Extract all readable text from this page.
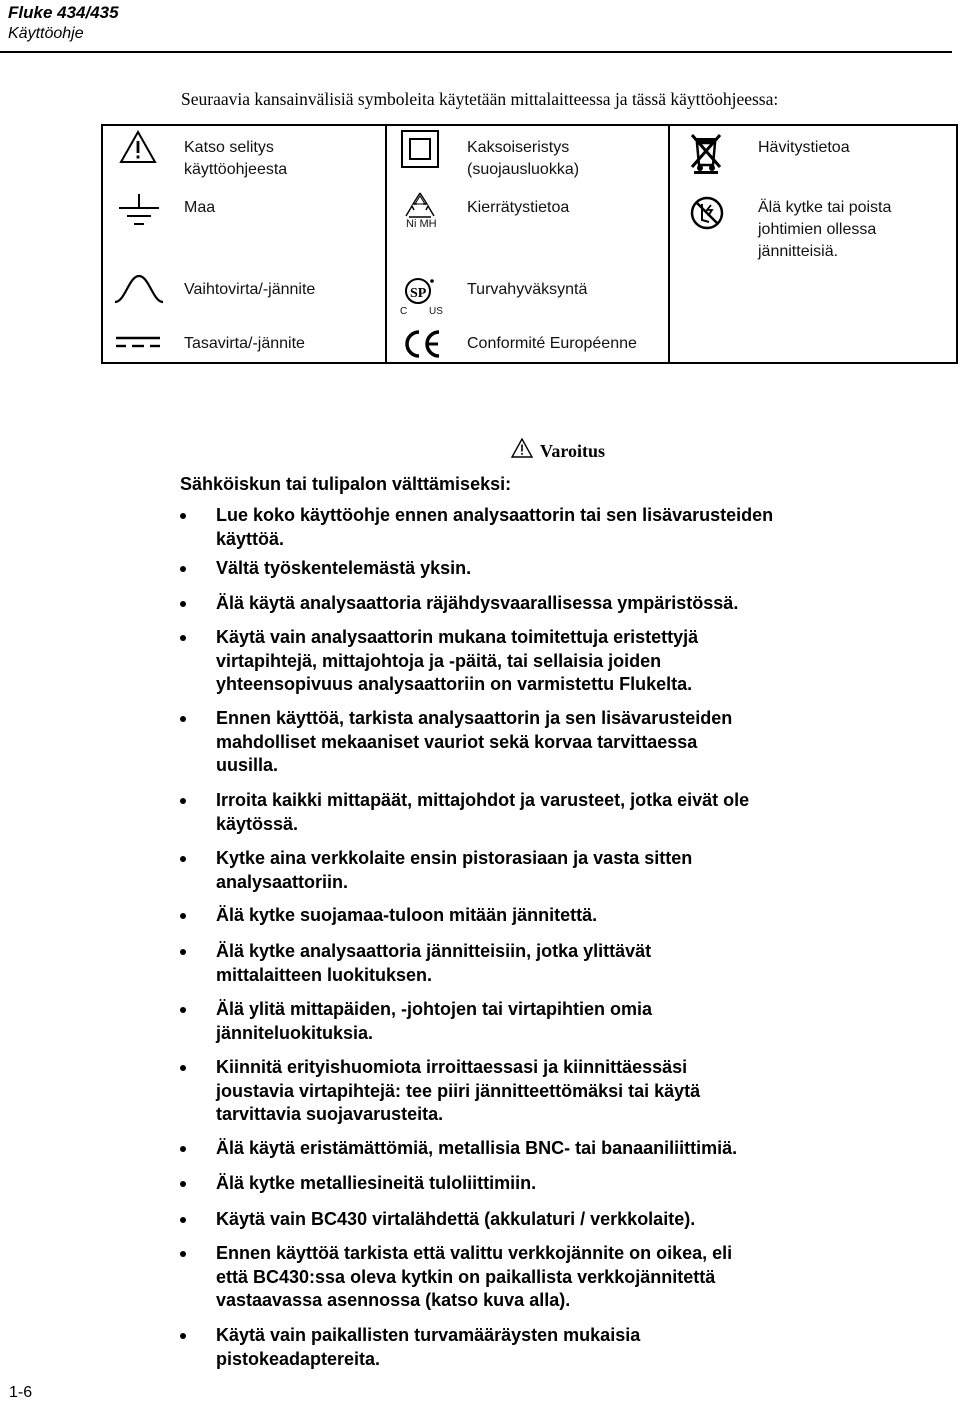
Fluke 434/435
Käyttöohje
Seuraavia kansainvälisiä symboleita käytetään mittalaitteessa ja tässä käyttöohjeessa:
Katso selitys
käyttöohjeesta
Maa
Vaihtovirta/-jännite
Tasavirta/-jännite
Kaksoiseristys
(suojausluokka)
Ni MH
Kierrätystietoa
SP
C US
Turvahyväksyntä
Conformité Européenne
Hävitystietoa
Älä kytke tai poista
johtimien ollessa
jännitteisiä.
Varoitus
Sähköiskun tai tulipalon välttämiseksi:
Lue koko käyttöohje ennen analysaattorin tai sen lisävarusteiden
käyttöä.
Vältä työskentelemästä yksin.
Älä käytä analysaattoria räjähdysvaarallisessa ympäristössä.
Käytä vain analysaattorin mukana toimitettuja eristettyjä
virtapihtejä, mittajohtoja ja -päitä, tai sellaisia joiden
yhteensopivuus analysaattoriin on varmistettu Flukelta.
Ennen käyttöä, tarkista analysaattorin ja sen lisävarusteiden
mahdolliset mekaaniset vauriot sekä korvaa tarvittaessa
uusilla.
Irroita kaikki mittapäät, mittajohdot ja varusteet, jotka eivät ole
käytössä.
Kytke aina verkkolaite ensin pistorasiaan ja vasta sitten
analysaattoriin.
Älä kytke suojamaa-tuloon mitään jännitettä.
Älä kytke analysaattoria jännitteisiin, jotka ylittävät
mittalaitteen luokituksen.
Älä ylitä mittapäiden, -johtojen tai virtapihtien omia
jänniteluokituksia.
Kiinnitä erityishuomiota irroittaessasi ja kiinnittäessäsi
joustavia virtapihtejä: tee piiri jännitteettömäksi tai käytä
tarvittavia suojavarusteita.
Älä käytä eristämättömiä, metallisia BNC- tai banaaniliittimiä.
Älä kytke metalliesineitä tuloliittimiin.
Käytä vain BC430 virtalähdettä (akkulaturi / verkkolaite).
Ennen käyttöä tarkista että valittu verkkojännite on oikea, eli
että BC430:ssa oleva kytkin on paikallista verkkojännitettä
vastaavassa asennossa (katso kuva alla).
Käytä vain paikallisten turvamääräysten mukaisia
pistokeadaptereita.
1-6
